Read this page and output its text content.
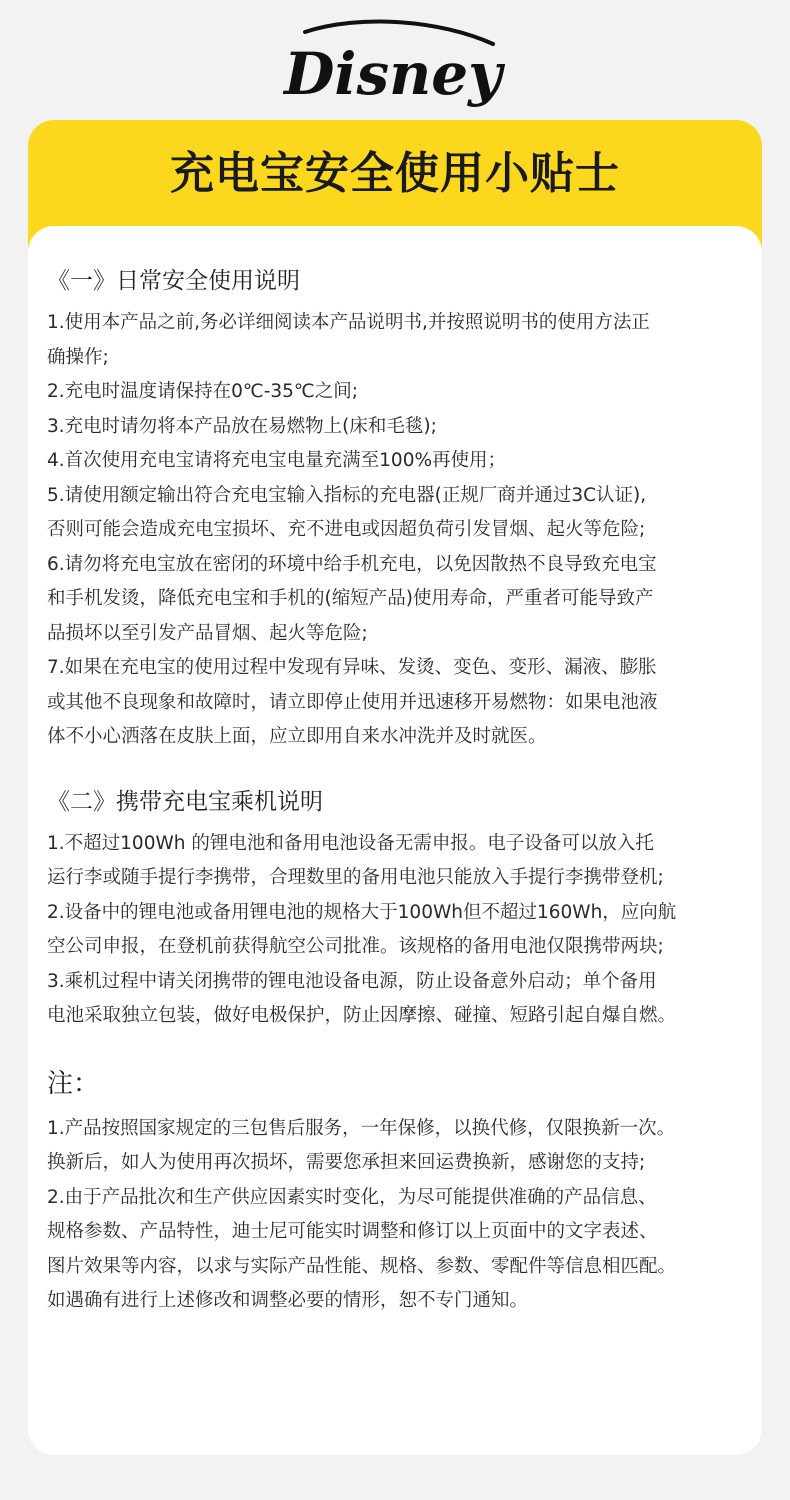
Disney
充电宝安全使用小贴士
《一》日常安全使用说明

1.使用本产品之前,务必详细阅读本产品说明书,并按照说明书的使用方法正

确操作;

2.充电时温度请保持在0℃-35℃之间;

3.充电时请勿将本产品放在易燃物上(床和毛毯);

4.首次使用充电宝请将充电宝电量充满至100%再使用；

5.请使用额定输出符合充电宝输入指标的充电器(正规厂商并通过3C认证),

否则可能会造成充电宝损坏、充不进电或因超负荷引发冒烟、起火等危险;

6.请勿将充电宝放在密闭的环境中给手机充电，以免因散热不良导致充电宝

和手机发烫，降低充电宝和手机的(缩短产品)使用寿命，严重者可能导致产

品损坏以至引发产品冒烟、起火等危险;

7.如果在充电宝的使用过程中发现有异味、发烫、变色、变形、漏液、膨胀

或其他不良现象和故障时，请立即停止使用并迅速移开易燃物：如果电池液

体不小心洒落在皮肤上面，应立即用自来水冲洗并及时就医。

《二》携带充电宝乘机说明

1.不超过100Wh 的锂电池和备用电池设备无需申报。电子设备可以放入托

运行李或随手提行李携带，合理数里的备用电池只能放入手提行李携带登机;

2.设备中的锂电池或备用锂电池的规格大于100Wh但不超过160Wh，应向航

空公司申报，在登机前获得航空公司批准。该规格的备用电池仅限携带两块;

3.乘机过程中请关闭携带的锂电池设备电源，防止设备意外启动；单个备用

电池采取独立包装，做好电极保护，防止因摩擦、碰撞、短路引起自爆自燃。

注：

1.产品按照国家规定的三包售后服务，一年保修，以换代修，仅限换新一次。

换新后，如人为使用再次损坏，需要您承担来回运费换新，感谢您的支持;

2.由于产品批次和生产供应因素实时变化，为尽可能提供准确的产品信息、

规格参数、产品特性，迪士尼可能实时调整和修订以上页面中的文字表述、

图片效果等内容，以求与实际产品性能、规格、参数、零配件等信息相匹配。

如遇确有进行上述修改和调整必要的情形，恕不专门通知。
